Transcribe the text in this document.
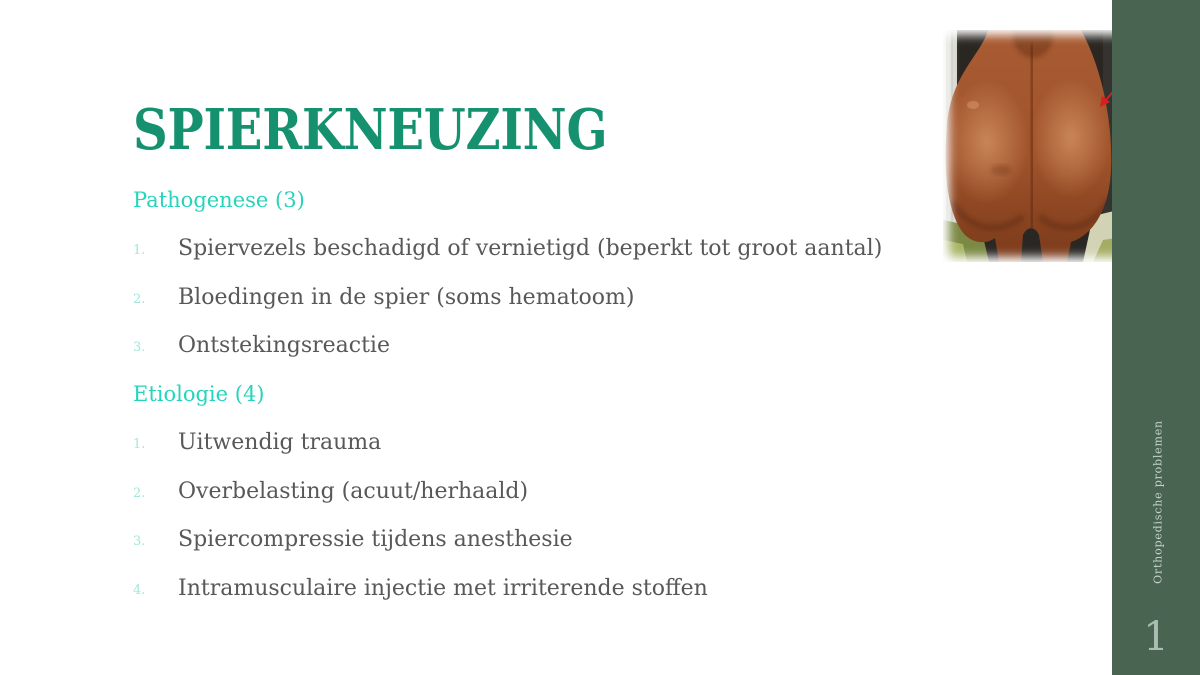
SPIERKNEUZING
Pathogenese (3)
1.	Spiervezels beschadigd of vernietigd (beperkt tot groot aantal)
2.	Bloedingen in de spier (soms hematoom)
3.	Ontstekingsreactie
Etiologie (4)
1.	Uitwendig trauma
2.	Overbelasting (acuut/herhaald)
3.	Spiercompressie tijdens anesthesie
4.	Intramusculaire injectie met irriterende stoffen
Orthopedische problemen
1
